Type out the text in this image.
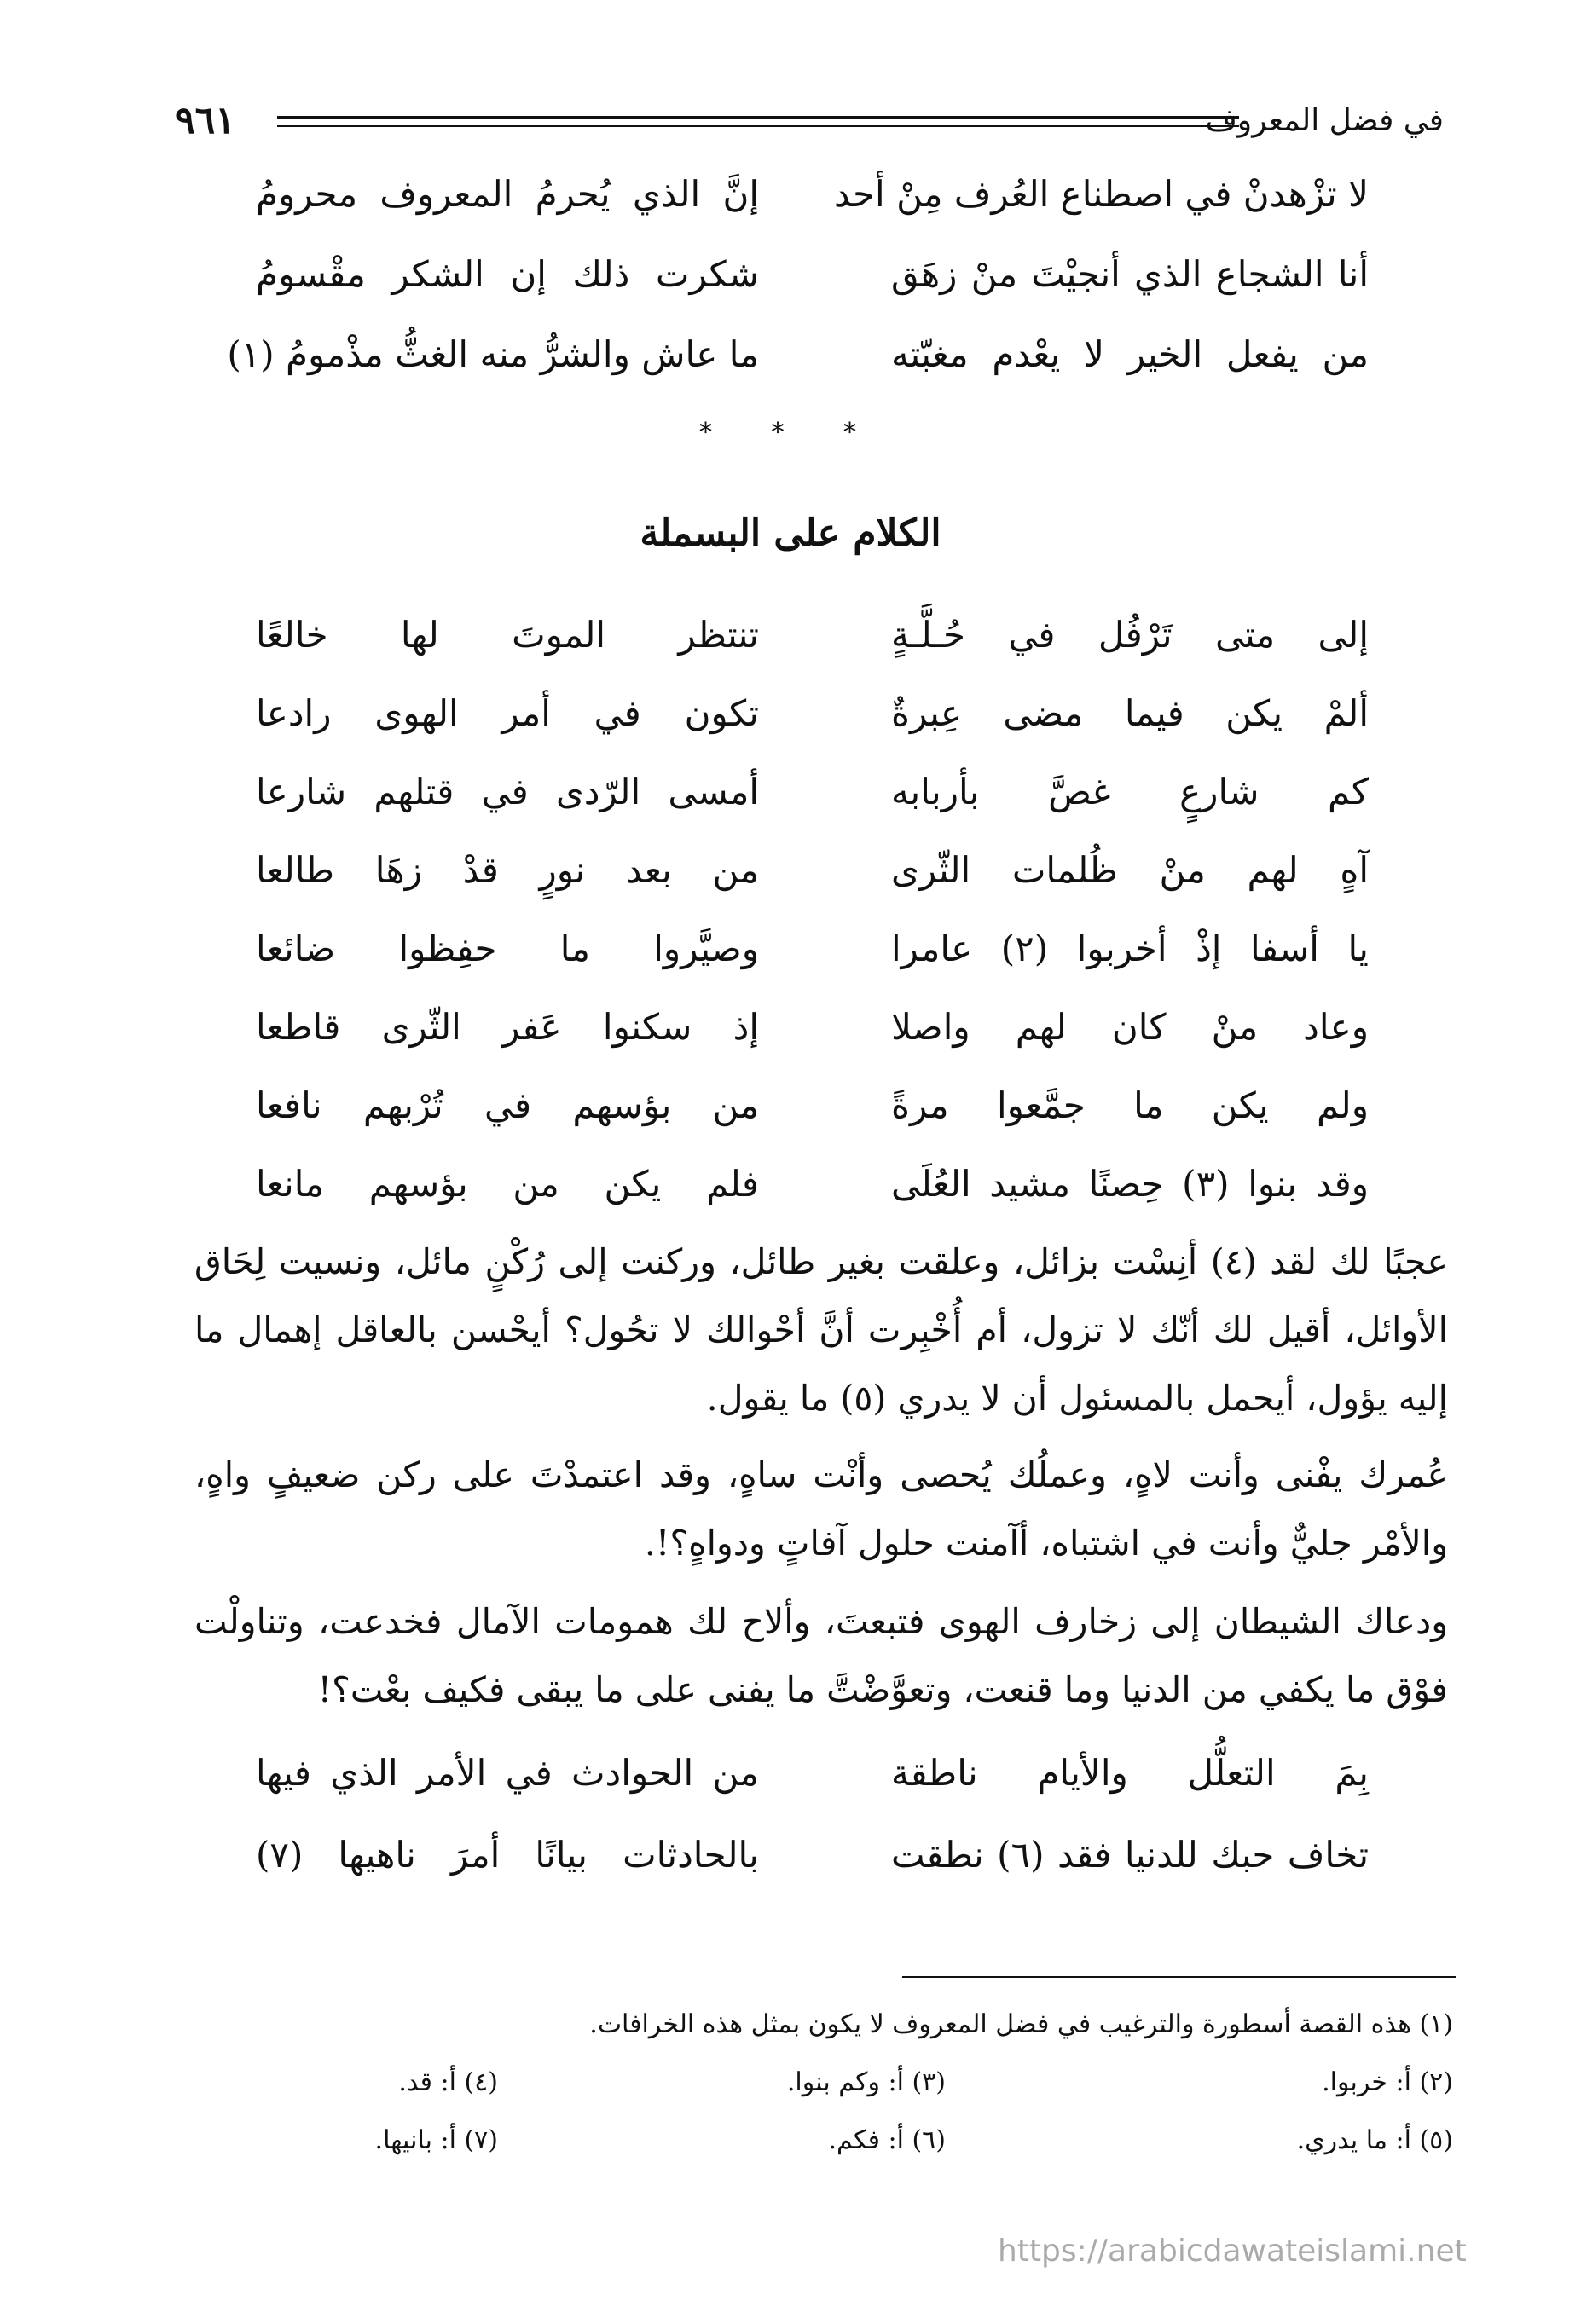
في فضل المعروف
٩٦١
لا تزْهدنْ في اصطناع العُرف مِنْ أحد
إنَّ الذي يُحرمُ المعروف محرومُ
أنا الشجاع الذي أنجيْتَ منْ زهَق
شكرت ذلك إن الشكر مقْسومُ
من يفعل الخير لا يعْدم مغبّته
ما عاش والشرُّ منه الغثُّ مذْمومُ (١)
* * *
الكلام على البسملة
إلى متى تَرْفُل في حُـلَّـةٍ
تنتظر الموتَ لها خالعًا
ألمْ يكن فيما مضى عِبرةٌ
تكون في أمر الهوى رادعا
كم شارعٍ غصَّ بأربابه
أمسى الرّدى في قتلهم شارعا
آهٍ لهم منْ ظُلمات الثّرى
من بعد نورٍ قدْ زهَا طالعا
يا أسفا إذْ أخربوا (٢) عامرا
وصيَّروا ما حفِظوا ضائعا
وعاد منْ كان لهم واصلا
إذ سكنوا عَفر الثّرى قاطعا
ولم يكن ما جمَّعوا مرةً
من بؤسهم في تُرْبهم نافعا
وقد بنوا (٣) حِصنًا مشيد العُلَى
فلم يكن من بؤسهم مانعا

عجبًا لك لقد (٤) أنِسْت بزائل، وعلقت بغير طائل، وركنت إلى رُكْنٍ مائل، ونسيت لِحَاق الأوائل، أقيل لك أنّك لا تزول، أم أُخْبِرت أنَّ أحْوالك لا تحُول؟ أيحْسن بالعاقل إهمال ما إليه يؤول، أيحمل بالمسئول أن لا يدري (٥) ما يقول.

عُمرك يفْنى وأنت لاهٍ، وعملُك يُحصى وأنْت ساهٍ، وقد اعتمدْتَ على ركن ضعيفٍ واهٍ، والأمْر جليٌّ وأنت في اشتباه، أآمنت حلول آفاتٍ ودواهٍ؟!.

ودعاك الشيطان إلى زخارف الهوى فتبعتَ، وألاح لك همومات الآمال فخدعت، وتناولْت فوْق ما يكفي من الدنيا وما قنعت، وتعوَّضْتَّ ما يفنى على ما يبقى فكيف بعْت؟!

بِمَ التعلُّل والأيام ناطقة
من الحوادث في الأمر الذي فيها
تخاف حبك للدنيا فقد (٦) نطقت
بالحادثات بيانًا أمرَ ناهيها (٧)
(١) هذه القصة أسطورة والترغيب في فضل المعروف لا يكون بمثل هذه الخرافات.
(٢) أ: خربوا.
(٣) أ: وكم بنوا.
(٤) أ: قد.
(٥) أ: ما يدري.
(٦) أ: فكم.
(٧) أ: بانيها.
https://arabicdawateislami.net
